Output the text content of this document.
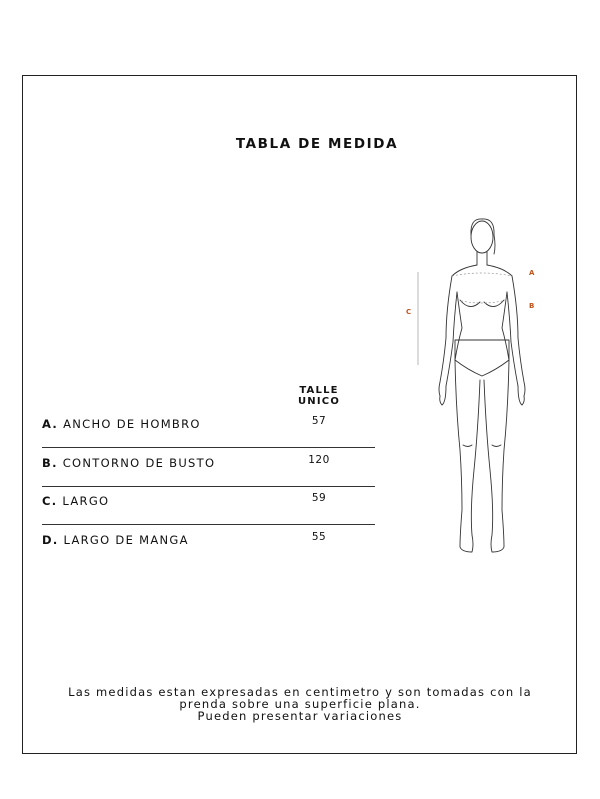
TABLA DE MEDIDA
TALLE UNICO
A. ANCHO DE HOMBRO	57
B. CONTORNO DE BUSTO	120
C. LARGO	59
D. LARGO DE MANGA	55
A
B
C
Las medidas estan expresadas en centimetro y son tomadas con la
prenda sobre una superficie plana.
Pueden presentar variaciones
